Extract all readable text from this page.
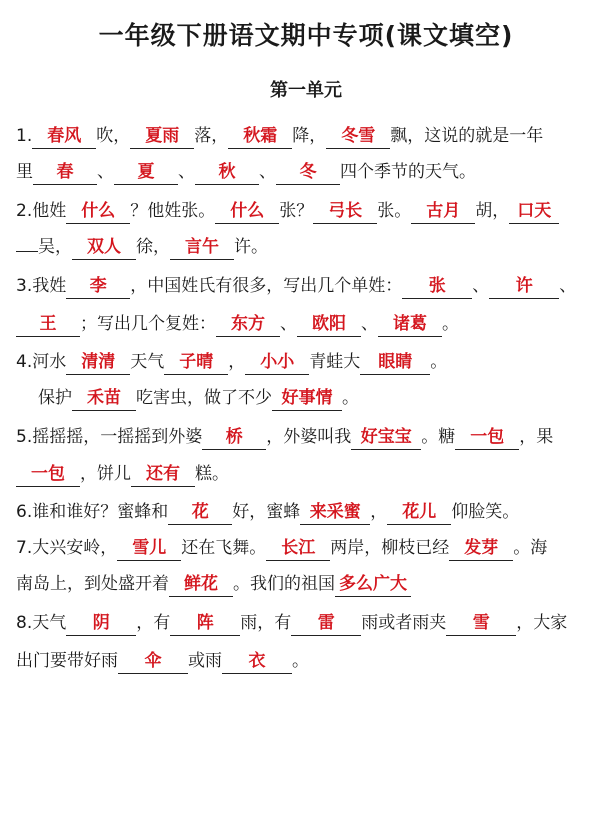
一年级下册语文期中专项(课文填空)
第一单元
1. 春风 吹， 夏雨 落， 秋霜 降， 冬雪 飘，这说的就是一年
里 春 、 夏 、 秋 、 冬 四个季节的天气。
2.他姓 什么 ？他姓张。 什么 张？ 弓长 张。 古月 胡， 口天
吴， 双人 徐， 言午 许。
3.我姓 李 ，中国姓氏有很多，写出几个单姓： 张 、 许 、
王 ；写出几个复姓： 东方 、 欧阳 、 诸葛 。
4.河水 清清 天气 子晴 ， 小小 青蛙大 眼睛 。
保护 禾苗 吃害虫，做了不少 好事情 。
5.摇摇摇，一摇摇到外婆 桥 ，外婆叫我 好宝宝 。糖 一包 ，果
一包 ，饼儿 还有 糕。
6.谁和谁好？蜜蜂和 花 好，蜜蜂 来采蜜 ， 花儿 仰脸笑。
7.大兴安岭， 雪儿 还在飞舞。 长江 两岸，柳枝已经 发芽 。海
南岛上，到处盛开着 鲜花 。我们的祖国 多么广大
8.天气 阴 ，有 阵 雨，有 雷 雨或者雨夹 雪 ，大家
出门要带好雨 伞 或雨 衣 。
